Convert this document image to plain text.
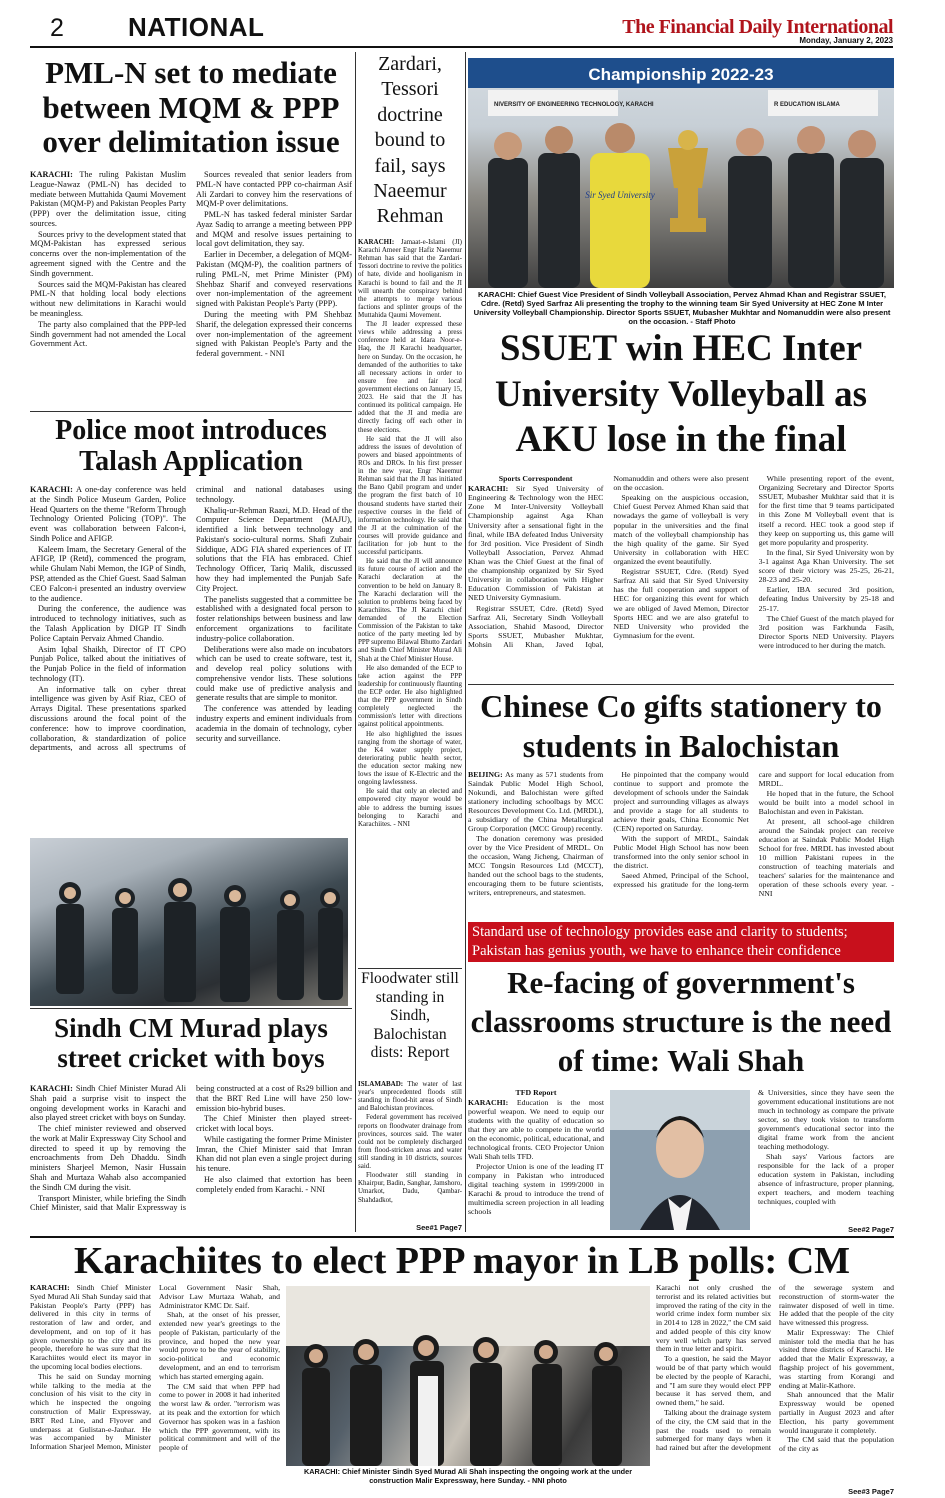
2 NATIONAL	The Financial Daily International
Monday, January 2, 2023
PML-N set to mediate between MQM & PPP over delimitation issue

KARACHI: The ruling Pakistan Muslim League-Nawaz (PML-N) has decided to mediate between Muttahida Qaumi Movement Pakistan (MQM-P) and Pakistan Peoples Party (PPP) over the delimitation issue, citing sources.

Sources privy to the development stated that MQM-Pakistan has expressed serious concerns over the non-implementation of the agreement signed with the Centre and the Sindh government.

Sources said the MQM-Pakistan has cleared PML-N that holding local body elections without new delimitations in Karachi would be meaningless.

The party also complained that the PPP-led Sindh government had not amended the Local Government Act.

Sources revealed that senior leaders from PML-N have contacted PPP co-chairman Asif Ali Zardari to convey him the reservations of MQM-P over delimitations.

PML-N has tasked federal minister Sardar Ayaz Sadiq to arrange a meeting between PPP and MQM and resolve issues pertaining to local govt delimitation, they say.

Earlier in December, a delegation of MQM-Pakistan (MQM-P), the coalition partners of ruling PML-N, met Prime Minister (PM) Shehbaz Sharif and conveyed reservations over non-implementation of the agreement signed with Pakistan People's Party (PPP).

During the meeting with PM Shehbaz Sharif, the delegation expressed their concerns over non-implementation of the agreement signed with Pakistan People's Party and the federal government. - NNI

Police moot introduces Talash Application

KARACHI: A one-day conference was held at the Sindh Police Museum Garden, Police Head Quarters on the theme "Reform Through Technology Oriented Policing (TOP)". The event was collaboration between Falcon-i, Sindh Police and AFIGP.

Kaleem Imam, the Secretary General of the AFIGP, IP (Retd), commenced the program, while Ghulam Nabi Memon, the IGP of Sindh, PSP, attended as the Chief Guest. Saad Salman CEO Falcon-i presented an industry overview to the audience.

During the conference, the audience was introduced to technology initiatives, such as the Talash Application by DIGP IT Sindh Police Captain Pervaiz Ahmed Chandio.

Asim Iqbal Shaikh, Director of IT CPO Punjab Police, talked about the initiatives of the Punjab Police in the field of information technology (IT).

An informative talk on cyber threat intelligence was given by Asif Riaz, CEO of Arrays Digital. These presentations sparked discussions around the focal point of the conference: how to improve coordination, collaboration, & standardization of police departments, and across all spectrums of criminal and national databases using technology.

Khaliq-ur-Rehman Raazi, M.D. Head of the Computer Science Department (MAJU), identified a link between technology and Pakistan's socio-cultural norms. Shafi Zubair Siddique, ADG FIA shared experiences of IT solutions that the FIA has embraced. Chief Technology Officer, Tariq Malik, discussed how they had implemented the Punjab Safe City Project.

The panelists suggested that a committee be established with a designated focal person to foster relationships between business and law enforcement organizations to facilitate industry-police collaboration.

Deliberations were also made on incubators which can be used to create software, test it, and develop real policy solutions with comprehensive vendor lists. These solutions could make use of predictive analysis and generate results that are simple to monitor.

The conference was attended by leading industry experts and eminent individuals from academia in the domain of technology, cyber security and surveillance.

Sindh CM Murad plays street cricket with boys

KARACHI: Sindh Chief Minister Murad Ali Shah paid a surprise visit to inspect the ongoing development works in Karachi and also played street cricket with boys on Sunday.

The chief minister reviewed and observed the work at Malir Expressway City School and directed to speed it up by removing the encroachments from Deh Dhaddu. Sindh ministers Sharjeel Memon, Nasir Hussain Shah and Murtaza Wahab also accompanied the Sindh CM during the visit.

Transport Minister, while briefing the Sindh Chief Minister, said that Malir Expressway is being constructed at a cost of Rs29 billion and that the BRT Red Line will have 250 low-emission bio-hybrid buses.

The Chief Minister then played street-cricket with local boys.

While castigating the former Prime Minister Imran, the Chief Minister said that Imran Khan did not plan even a single project during his tenure.

He also claimed that extortion has been completely ended from Karachi. - NNI

Zardari, Tessori doctrine bound to fail, says Naeemur Rehman

KARACHI: Jamaat-e-Islami (JI) Karachi Ameer Engr Hafiz Naeemur Rehman has said that the Zardari-Tessori doctrine to revive the politics of hate, divide and hooliganism in Karachi is bound to fail and the JI will unearth the conspiracy behind the attempts to merge various factions and splinter groups of the Muttahida Qaumi Movement.

The JI leader expressed these views while addressing a press conference held at Idara Noor-e-Haq, the JI Karachi headquarter, here on Sunday. On the occasion, he demanded of the authorities to take all necessary actions in order to ensure free and fair local government elections on January 15, 2023. He said that the JI has continued its political campaign. He added that the JI and media are directly facing off each other in these elections.

He said that the JI will also address the issues of devolution of powers and biased appointments of ROs and DROs. In his first presser in the new year, Engr Naeemur Rehman said that the JI has initiated the Bano Qabil program and under the program the first batch of 10 thousand students have started their respective courses in the field of information technology. He said that the JI at the culmination of the courses will provide guidance and facilitation for job hunt to the successful participants.

He said that the JI will announce its future course of action and the Karachi declaration at the convention to be held on January 8. The Karachi declaration will the solution to problems being faced by Karachiites. The JI Karachi chief demanded of the Election Commission of the Pakistan to take notice of the party meeting led by PPP supremo Bilawal Bhutto Zardari and Sindh Chief Minister Murad Ali Shah at the Chief Minister House.

He also demanded of the ECP to take action against the PPP leadership for continuously flaunting the ECP order. He also highlighted that the PPP government in Sindh completely neglected the commission's letter with directions against political appointments.

He also highlighted the issues ranging from the shortage of water, the K4 water supply project, deteriorating public health sector, the education sector making new lows the issue of K-Electric and the ongoing lawlessness.

He said that only an elected and empowered city mayor would be able to address the burning issues belonging to Karachi and Karachiites. - NNI

Floodwater still standing in Sindh, Balochistan dists: Report

ISLAMABAD: The water of last year's unprecedented floods still standing in flood-hit areas of Sindh and Balochistan provinces.

Federal government has received reports on floodwater drainage from provinces, sources said. The water could not be completely discharged from flood-stricken areas and water still standing in 10 districts, sources said.

Floodwater still standing in Khairpur, Badin, Sanghar, Jamshoro, Umarkot, Dadu, Qambar-Shahdadkot,

See#1 Page7
Championship 2022-23
NIVERSITY OF ENGINEERING TECHNOLOGY, KARACHI	R EDUCATION ISLAMA
Sir Syed University
KARACHI: Chief Guest Vice President of Sindh Volleyball Association, Pervez Ahmad Khan and Registrar SSUET, Cdre. (Retd) Syed Sarfraz Ali presenting the trophy to the winning team Sir Syed University at HEC Zone M Inter University Volleyball Championship. Director Sports SSUET, Mubasher Mukhtar and Nomanuddin were also present on the occasion. - Staff Photo
SSUET win HEC Inter University Volleyball as AKU lose in the final

Sports Correspondent

KARACHI: Sir Syed University of Engineering & Technology won the HEC Zone M Inter-University Volleyball Championship against Aga Khan University after a sensational fight in the final, while IBA defeated Indus University for 3rd position. Vice President of Sindh Volleyball Association, Pervez Ahmad Khan was the Chief Guest at the final of the championship organized by Sir Syed University in collaboration with Higher Education Commission of Pakistan at NED University Gymnasium.

Registrar SSUET, Cdre. (Retd) Syed Sarfraz Ali, Secretary Sindh Volleyball Association, Shahid Masood, Director Sports SSUET, Mubasher Mukhtar, Mohsin Ali Khan, Javed Iqbal, Nomanuddin and others were also present on the occasion.

Speaking on the auspicious occasion, Chief Guest Pervez Ahmed Khan said that nowadays the game of volleyball is very popular in the universities and the final match of the volleyball championship has the high quality of the game. Sir Syed University in collaboration with HEC organized the event beautifully.

Registrar SSUET, Cdre. (Retd) Syed Sarfraz Ali said that Sir Syed University has the full cooperation and support of HEC for organizing this event for which we are obliged of Javed Memon, Director Sports HEC and we are also grateful to NED University who provided the Gymnasium for the event.

While presenting report of the event, Organizing Secretary and Director Sports SSUET, Mubasher Mukhtar said that it is for the first time that 9 teams participated in this Zone M Volleyball event that is itself a record. HEC took a good step if they keep on supporting us, this game will get more popularity and prosperity.

In the final, Sir Syed University won by 3-1 against Aga Khan University. The set score of their victory was 25-25, 26-21, 28-23 and 25-20.

Earlier, IBA secured 3rd position, defeating Indus University by 25-18 and 25-17.

The Chief Guest of the match played for 3rd position was Farkhunda Fasih, Director Sports NED University. Players were introduced to her during the match.

Chinese Co gifts stationery to students in Balochistan

BEIJING: As many as 571 students from Saindak Public Model High School, Nokundi, and Balochistan were gifted stationery including schoolbags by MCC Resources Development Co. Ltd. (MRDL), a subsidiary of the China Metallurgical Group Corporation (MCC Group) recently.

The donation ceremony was presided over by the Vice President of MRDL. On the occasion, Wang Jicheng, Chairman of MCC Tongsin Resources Ltd (MCCT), handed out the school bags to the students, encouraging them to be future scientists, writers, entrepreneurs, and statesmen.

He pinpointed that the company would continue to support and promote the development of schools under the Saindak project and surrounding villages as always and provide a stage for all students to achieve their goals, China Economic Net (CEN) reported on Saturday.

With the support of MRDL, Saindak Public Model High School has now been transformed into the only senior school in the district.

Saeed Ahmed, Principal of the School, expressed his gratitude for the long-term care and support for local education from MRDL.

He hoped that in the future, the School would be built into a model school in Balochistan and even in Pakistan.

At present, all school-age children around the Saindak project can receive education at Saindak Public Model High School for free. MRDL has invested about 10 million Pakistani rupees in the construction of teaching materials and teachers' salaries for the maintenance and operation of these schools every year. - NNI

Standard use of technology provides ease and clarity to students;
Pakistan has genius youth, we have to enhance their confidence
Re-facing of government's classrooms structure is the need of time: Wali Shah

TFD Report

KARACHI: Education is the most powerful weapon. We need to equip our students with the quality of education so that they are able to compete in the world on the economic, political, educational, and technological fronts. CEO Projector Union Wali Shah tells TFD.

Projector Union is one of the leading IT company in Pakistan who introduced digital teaching system in 1999/2000 in Karachi & proud to introduce the trend of multimedia screen projection in all leading schools

& Universities, since they have seen the government educational institutions are not much in technology as compare the private sector, so they took vision to transform government's educational sector into the digital frame work from the ancient teaching methodology.

Shah says' Various factors are responsible for the lack of a proper education system in Pakistan, including absence of infrastructure, proper planning, expert teachers, and modern teaching techniques, coupled with

See#2 Page7
Karachiites to elect PPP mayor in LB polls: CM

KARACHI: Sindh Chief Minister Syed Murad Ali Shah Sunday said that Pakistan People's Party (PPP) has delivered in this city in terms of restoration of law and order, and development, and on top of it has given ownership to the city and its people, therefore he was sure that the Karachiites would elect its mayor in the upcoming local bodies elections.

This he said on Sunday morning while talking to the media at the conclusion of his visit to the city in which he inspected the ongoing construction of Malir Expressway, BRT Red Line, and Flyover and underpass at Gulistan-e-Jauhar. He was accompanied by Minister Information Sharjeel Memon, Minister Local Government Nasir Shah, Advisor Law Murtaza Wahab, and Administrator KMC Dr. Saif.

Shah, at the onset of his presser, extended new year's greetings to the people of Pakistan, particularly of the province, and hoped the new year would prove to be the year of stability, socio-political and economic development, and an end to terrorism which has started emerging again.

The CM said that when PPP had come to power in 2008 it had inherited the worst law & order. "terrorism was at its peak and the extortion for which Governor has spoken was in a fashion which the PPP government, with its political commitment and will of the people of

KARACHI: Chief Minister Sindh Syed Murad Ali Shah inspecting the ongoing work at the under construction Malir Expressway, here Sunday. - NNI photo

Karachi not only crushed the terrorist and its related activities but improved the rating of the city in the world crime index form number six in 2014 to 128 in 2022," the CM said and added people of this city know very well which party has served them in true letter and spirit.

To a question, he said the Mayor would be of that party which would be elected by the people of Karachi, and "I am sure they would elect PPP because it has served them, and owned them," he said.

Talking about the drainage system of the city, the CM said that in the past the roads used to remain submerged for many days when it had rained but after the development of the sewerage system and reconstruction of storm-water the rainwater disposed of well in time. He added that the people of the city have witnessed this progress.

Malir Expressway: The Chief minister told the media that he has visited three districts of Karachi. He added that the Malir Expressway, a flagship project of his government, was starting from Korangi and ending at Malir-Kathore.

Shah announced that the Malir Expressway would be opened partially in August 2023 and after Election, his party government would inaugurate it completely.

The CM said that the population of the city as

See#3 Page7
